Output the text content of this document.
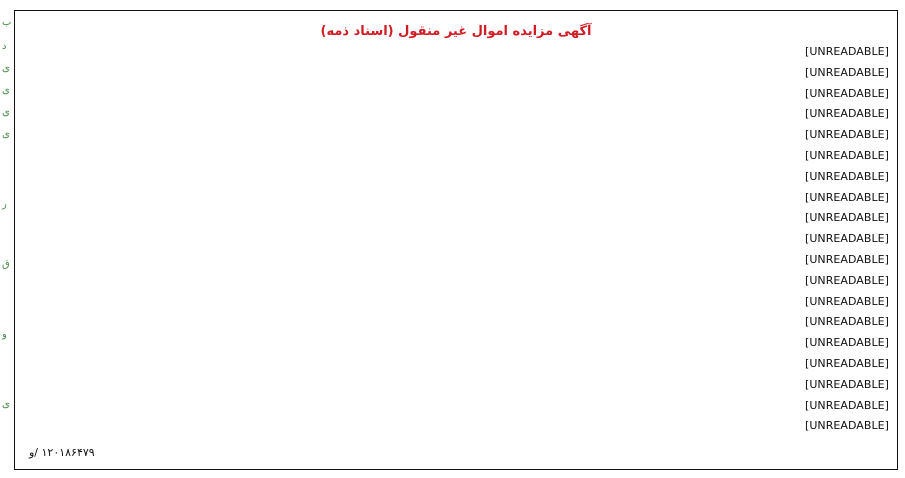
ب
د
ی
ی
ی
ی
ر
ق
و
ی
آگهی مزایده اموال غیر منقول (اسناد ذمه)
[UNREADABLE]
[UNREADABLE]
[UNREADABLE]
[UNREADABLE]
[UNREADABLE]
[UNREADABLE]
[UNREADABLE]
[UNREADABLE]
[UNREADABLE]
[UNREADABLE]
[UNREADABLE]
[UNREADABLE]
[UNREADABLE]
[UNREADABLE]
[UNREADABLE]
[UNREADABLE]
[UNREADABLE]
[UNREADABLE]
[UNREADABLE]
۱۲۰۱۸۶۴۷۹ /و
